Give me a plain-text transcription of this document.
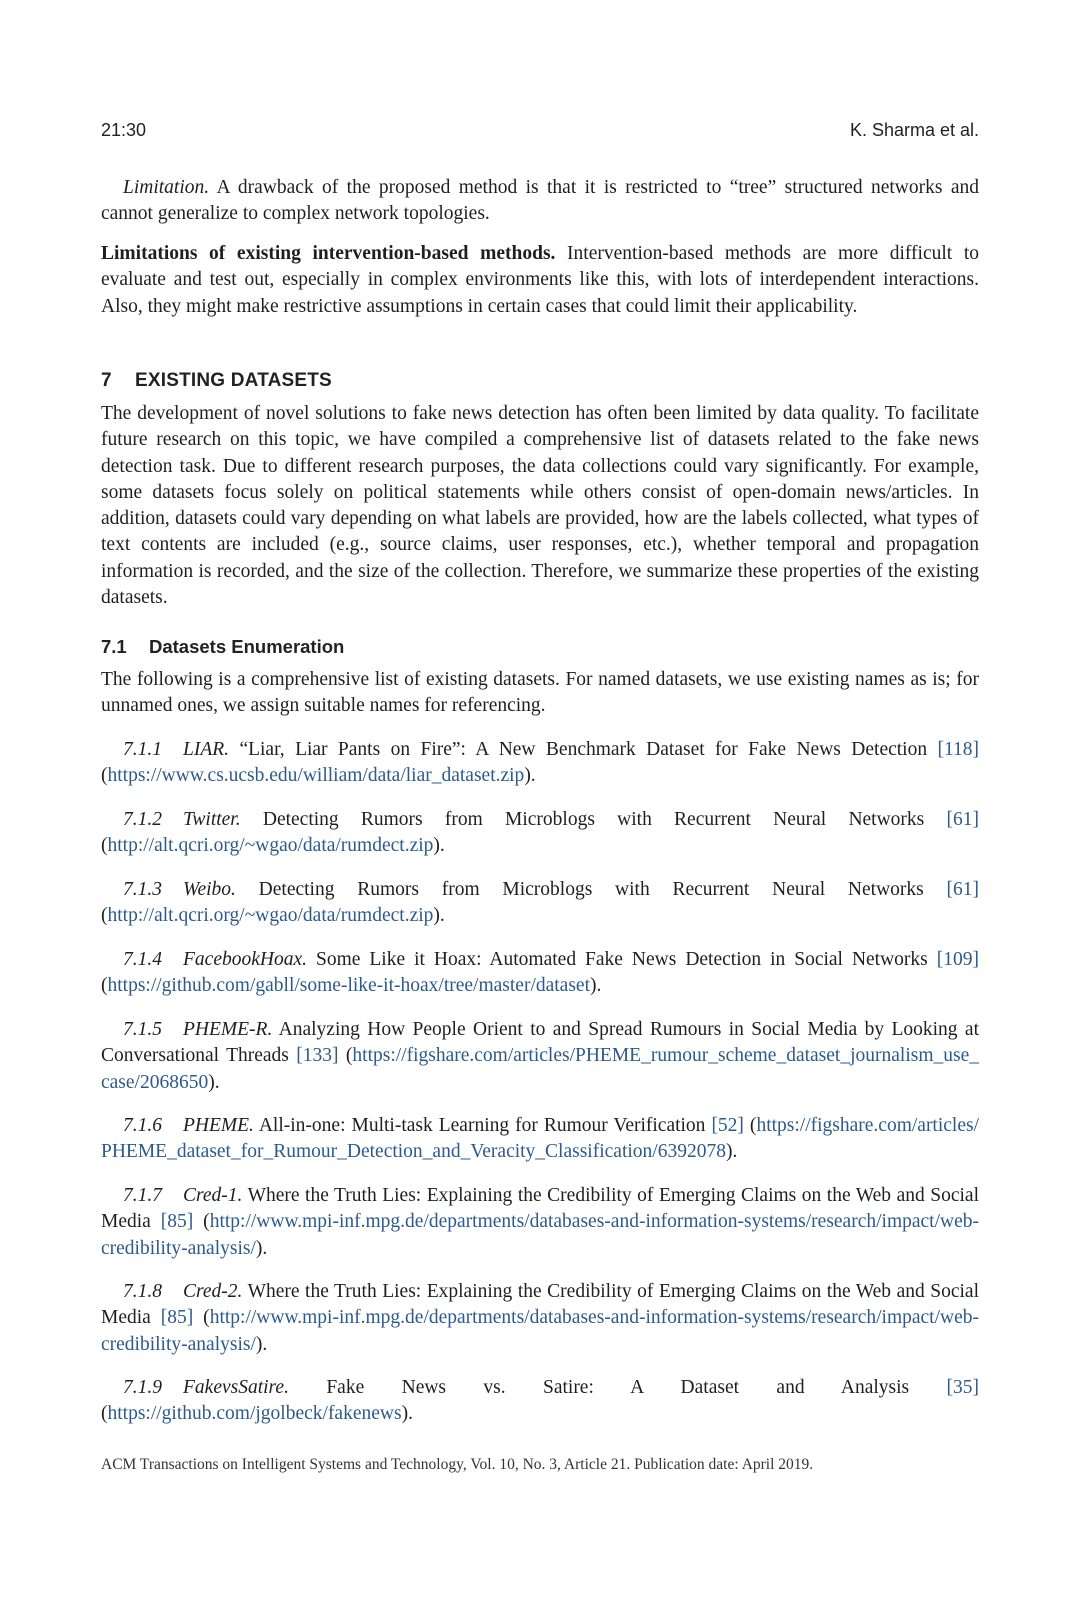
21:30	K. Sharma et al.

Limitation. A drawback of the proposed method is that it is restricted to “tree” structured networks and cannot generalize to complex network topologies.

Limitations of existing intervention-based methods. Intervention-based methods are more difficult to evaluate and test out, especially in complex environments like this, with lots of interdependent interactions. Also, they might make restrictive assumptions in certain cases that could limit their applicability.

7 EXISTING DATASETS

The development of novel solutions to fake news detection has often been limited by data quality. To facilitate future research on this topic, we have compiled a comprehensive list of datasets related to the fake news detection task. Due to different research purposes, the data collections could vary significantly. For example, some datasets focus solely on political statements while others consist of open-domain news/articles. In addition, datasets could vary depending on what labels are provided, how are the labels collected, what types of text contents are included (e.g., source claims, user responses, etc.), whether temporal and propagation information is recorded, and the size of the collection. Therefore, we summarize these properties of the existing datasets.

7.1 Datasets Enumeration

The following is a comprehensive list of existing datasets. For named datasets, we use existing names as is; for unnamed ones, we assign suitable names for referencing.

7.1.1 LIAR. “Liar, Liar Pants on Fire”: A New Benchmark Dataset for Fake News Detection [118] (https://www.cs.ucsb.edu/william/data/liar_dataset.zip).

7.1.2 Twitter. Detecting Rumors from Microblogs with Recurrent Neural Networks [61] (http://alt.qcri.org/~wgao/data/rumdect.zip).

7.1.3 Weibo. Detecting Rumors from Microblogs with Recurrent Neural Networks [61] (http://alt.qcri.org/~wgao/data/rumdect.zip).

7.1.4 FacebookHoax. Some Like it Hoax: Automated Fake News Detection in Social Networks [109] (https://github.com/gabll/some-like-it-hoax/tree/master/dataset).

7.1.5 PHEME-R. Analyzing How People Orient to and Spread Rumours in Social Media by Looking at Conversational Threads [133] (https://figshare.com/articles/PHEME_rumour_scheme_dataset_journalism_use_case/2068650).

7.1.6 PHEME. All-in-one: Multi-task Learning for Rumour Verification [52] (https://figshare.com/articles/PHEME_dataset_for_Rumour_Detection_and_Veracity_Classification/6392078).

7.1.7 Cred-1. Where the Truth Lies: Explaining the Credibility of Emerging Claims on the Web and Social Media [85] (http://www.mpi-inf.mpg.de/departments/databases-and-information-systems/research/impact/web-credibility-analysis/).

7.1.8 Cred-2. Where the Truth Lies: Explaining the Credibility of Emerging Claims on the Web and Social Media [85] (http://www.mpi-inf.mpg.de/departments/databases-and-information-systems/research/impact/web-credibility-analysis/).

7.1.9 FakevsSatire. Fake News vs. Satire: A Dataset and Analysis [35] (https://github.com/jgolbeck/fakenews).

ACM Transactions on Intelligent Systems and Technology, Vol. 10, No. 3, Article 21. Publication date: April 2019.
